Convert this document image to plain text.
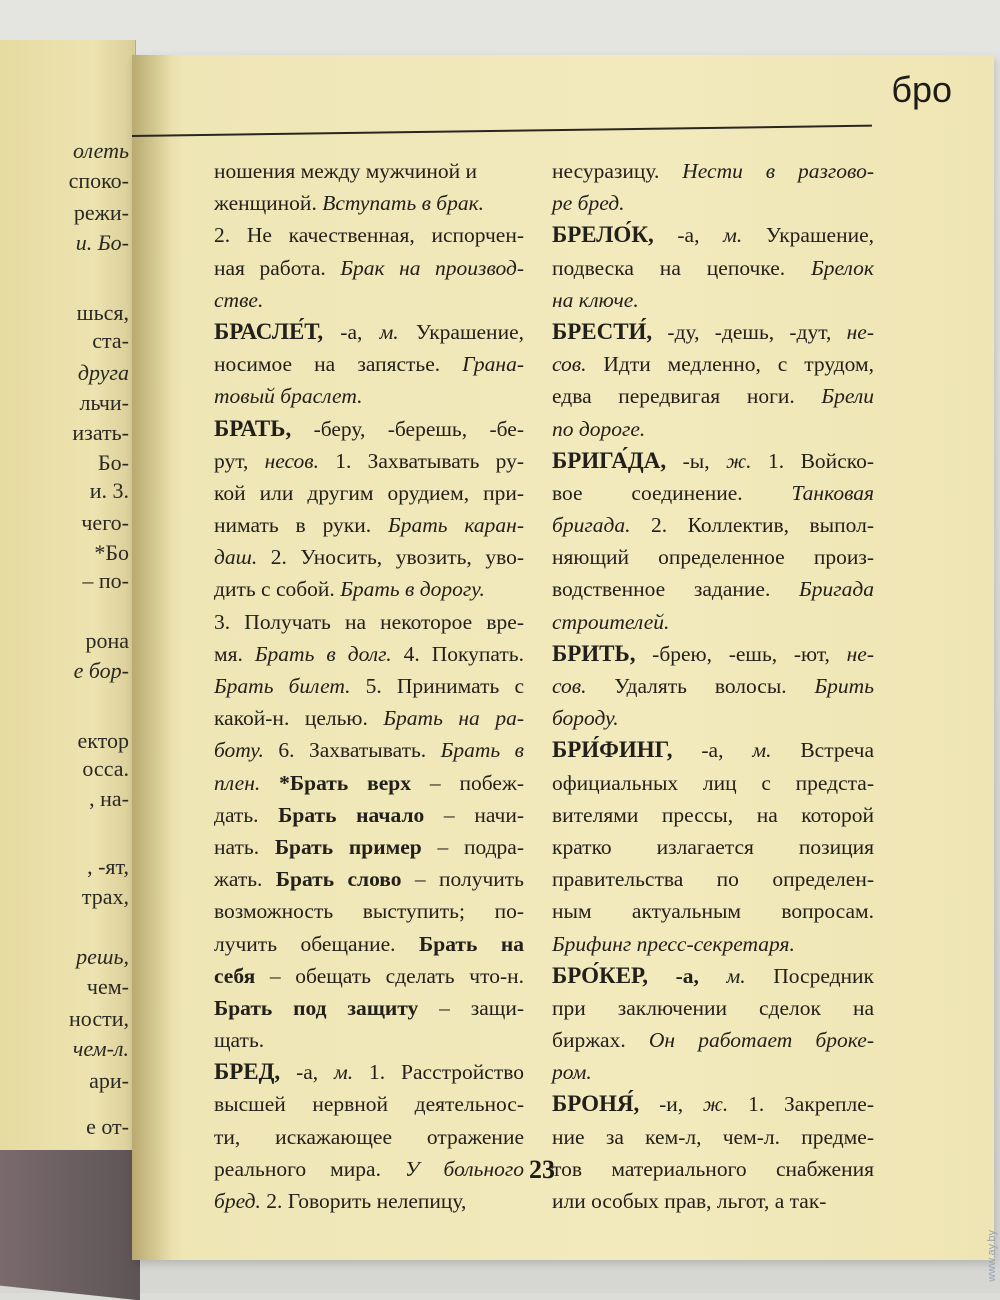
олеть
споко-
режи-
и. Бо-
шься,
ста-
друга
льчи-
изать-
Бо-
и. 3.
чего-
*Бо
– по-
рона
е бор-
ектор
осса.
, на-
, -ят,
трах,
решь,
чем-
ности,
чем-л.
ари-
е от-
бро
ношения между мужчиной и
женщиной. Вступать в брак.
2. Не качественная, испорчен-
ная работа. Брак на производ-
стве.
БРАСЛЕ́Т, -а, м. Украшение,
носимое на запястье. Грана-
товый браслет.
БРАТЬ, -беру, -берешь, -бе-
рут, несов. 1. Захватывать ру-
кой или другим орудием, при-
нимать в руки. Брать каран-
даш. 2. Уносить, увозить, уво-
дить с собой. Брать в дорогу.
3. Получать на некоторое вре-
мя. Брать в долг. 4. Покупать.
Брать билет. 5. Принимать с
какой-н. целью. Брать на ра-
боту. 6. Захватывать. Брать в
плен. *Брать верх – побеж-
дать. Брать начало – начи-
нать. Брать пример – подра-
жать. Брать слово – получить
возможность выступить; по-
лучить обещание. Брать на
себя – обещать сделать что-н.
Брать под защиту – защи-
щать.
БРЕД, -а, м. 1. Расстройство
высшей нервной деятельнос-
ти, искажающее отражение
реального мира. У больного
бред. 2. Говорить нелепицу,
несуразицу. Нести в разгово-
ре бред.
БРЕЛО́К, -а, м. Украшение,
подвеска на цепочке. Брелок
на ключе.
БРЕСТИ́, -ду, -дешь, -дут, не-
сов. Идти медленно, с трудом,
едва передвигая ноги. Брели
по дороге.
БРИГА́ДА, -ы, ж. 1. Войско-
вое соединение. Танковая
бригада. 2. Коллектив, выпол-
няющий определенное произ-
водственное задание. Бригада
строителей.
БРИТЬ, -брею, -ешь, -ют, не-
сов. Удалять волосы. Брить
бороду.
БРИ́ФИНГ, -а, м. Встреча
официальных лиц с предста-
вителями прессы, на которой
кратко излагается позиция
правительства по определен-
ным актуальным вопросам.
Брифинг пресс-секретаря.
БРО́КЕР, -а, м. Посредник
при заключении сделок на
биржах. Он работает броке-
ром.
БРОНЯ́, -и, ж. 1. Закрепле-
ние за кем-л, чем-л. предме-
тов материального снабжения
или особых прав, льгот, а так-
23
www.ay.by
